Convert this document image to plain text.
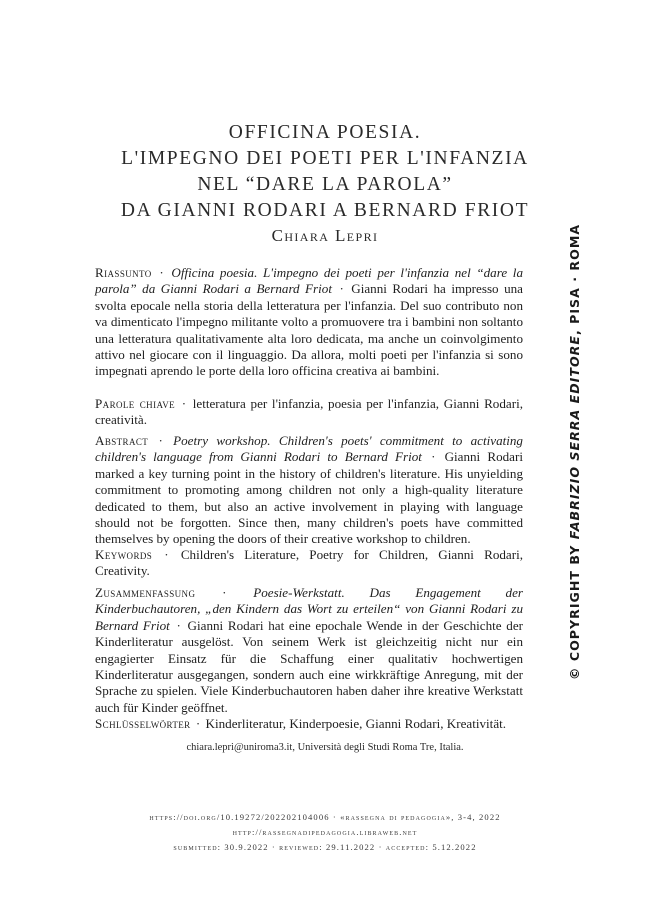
OFFICINA POESIA.
L'IMPEGNO DEI POETI PER L'INFANZIA
NEL “DARE LA PAROLA”
DA GIANNI RODARI A BERNARD FRIOT
Chiara Lepri
Riassunto · Officina poesia. L'impegno dei poeti per l'infanzia nel “dare la parola” da Gianni Rodari a Bernard Friot · Gianni Rodari ha impresso una svolta epocale nella storia della letteratura per l'infanzia. Del suo contributo non va dimenticato l'impegno militante volto a promuovere tra i bambini non soltanto una letteratura qualitativamente alta loro dedicata, ma anche un coinvolgimento attivo nel giocare con il linguaggio. Da allora, molti poeti per l'infanzia si sono impegnati aprendo le porte della loro officina creativa ai bambini.
Parole chiave · letteratura per l'infanzia, poesia per l'infanzia, Gianni Rodari, creatività.
Abstract · Poetry workshop. Children's poets' commitment to activating children's language from Gianni Rodari to Bernard Friot · Gianni Rodari marked a key turning point in the history of children's literature. His unyielding commitment to promoting among children not only a high-quality literature dedicated to them, but also an active involvement in playing with language should not be forgotten. Since then, many children's poets have committed themselves by opening the doors of their creative workshop to children.
Keywords · Children's Literature, Poetry for Children, Gianni Rodari, Creativity.
Zusammenfassung · Poesie-Werkstatt. Das Engagement der Kinderbuchautoren, „den Kindern das Wort zu erteilen“ von Gianni Rodari zu Bernard Friot · Gianni Rodari hat eine epochale Wende in der Geschichte der Kinderliteratur ausgelöst. Von seinem Werk ist gleichzeitig nicht nur ein engagierter Einsatz für die Schaffung einer qualitativ hochwertigen Kinderliteratur ausgegangen, sondern auch eine wirkkräftige Anregung, mit der Sprache zu spielen. Viele Kinderbuchautoren haben daher ihre kreative Werkstatt auch für Kinder geöffnet.
Schlüsselwörter · Kinderliteratur, Kinderpoesie, Gianni Rodari, Kreativität.
chiara.lepri@uniroma3.it, Università degli Studi Roma Tre, Italia.
https://doi.org/10.19272/202202104006 · «rassegna di pedagogia», 3-4, 2022
http://rassegnadipedagogia.libraweb.net
submitted: 30.9.2022 · reviewed: 29.11.2022 · accepted: 5.12.2022
© COPYRIGHT BY FABRIZIO SERRA EDITORE, PISA · ROMA
